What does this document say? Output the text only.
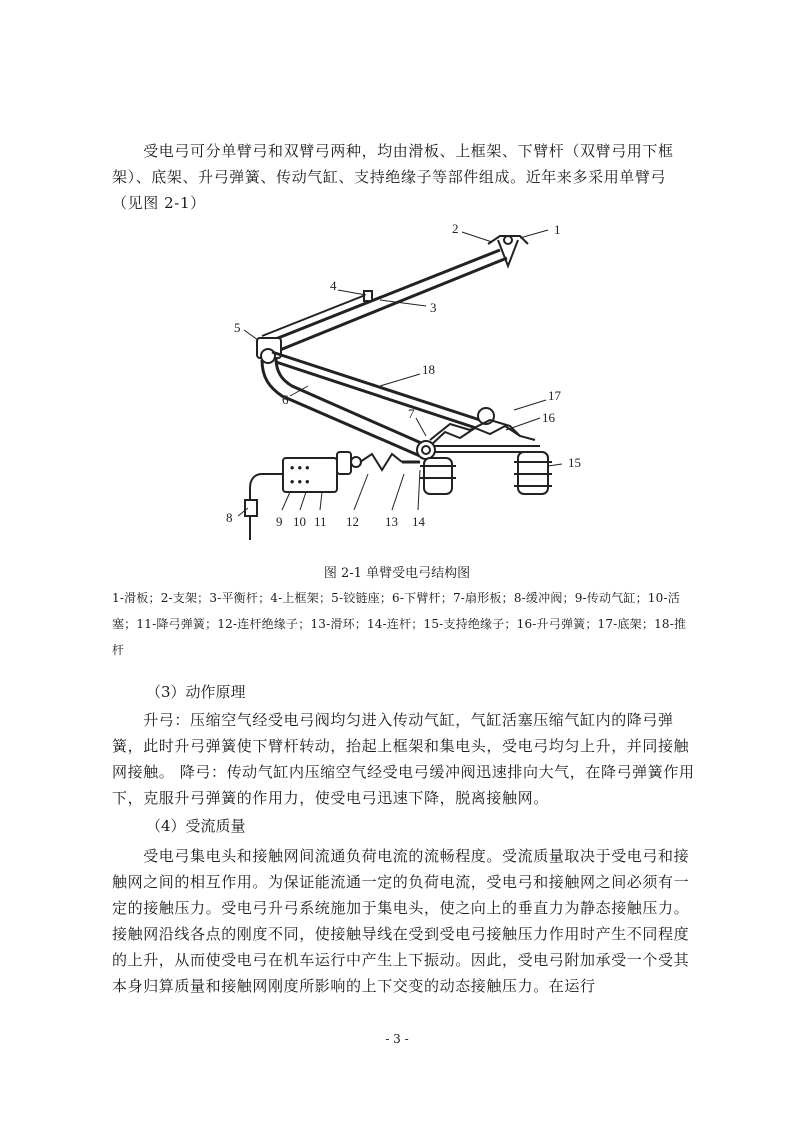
　　受电弓可分单臂弓和双臂弓两种，均由滑板、上框架、下臂杆（双臂弓用下框架）、底架、升弓弹簧、传动气缸、支持绝缘子等部件组成。近年来多采用单臂弓（见图 2-1）

· · ·
· · ·
1
2
3
4
5
6
7
8	9 10 11 12 13 14
15
16
17
18
图 2-1 单臂受电弓结构图

1-滑板；2-支架；3-平衡杆；4-上框架；5-铰链座；6-下臂杆；7-扇形板；8-缓冲阀；9-传动气缸；10-活塞；11-降弓弹簧；12-连杆绝缘子；13-滑环；14-连杆；15-支持绝缘子；16-升弓弹簧；17-底架；18-推杆

（3）动作原理

　　升弓：压缩空气经受电弓阀均匀进入传动气缸，气缸活塞压缩气缸内的降弓弹簧，此时升弓弹簧使下臂杆转动，抬起上框架和集电头，受电弓均匀上升，并同接触网接触。 降弓：传动气缸内压缩空气经受电弓缓冲阀迅速排向大气，在降弓弹簧作用下，克服升弓弹簧的作用力，使受电弓迅速下降，脱离接触网。

（4）受流质量

　　受电弓集电头和接触网间流通负荷电流的流畅程度。受流质量取决于受电弓和接触网之间的相互作用。为保证能流通一定的负荷电流，受电弓和接触网之间必须有一定的接触压力。受电弓升弓系统施加于集电头，使之向上的垂直力为静态接触压力。接触网沿线各点的刚度不同，使接触导线在受到受电弓接触压力作用时产生不同程度的上升，从而使受电弓在机车运行中产生上下振动。因此，受电弓附加承受一个受其本身归算质量和接触网刚度所影响的上下交变的动态接触压力。在运行

- 3 -
